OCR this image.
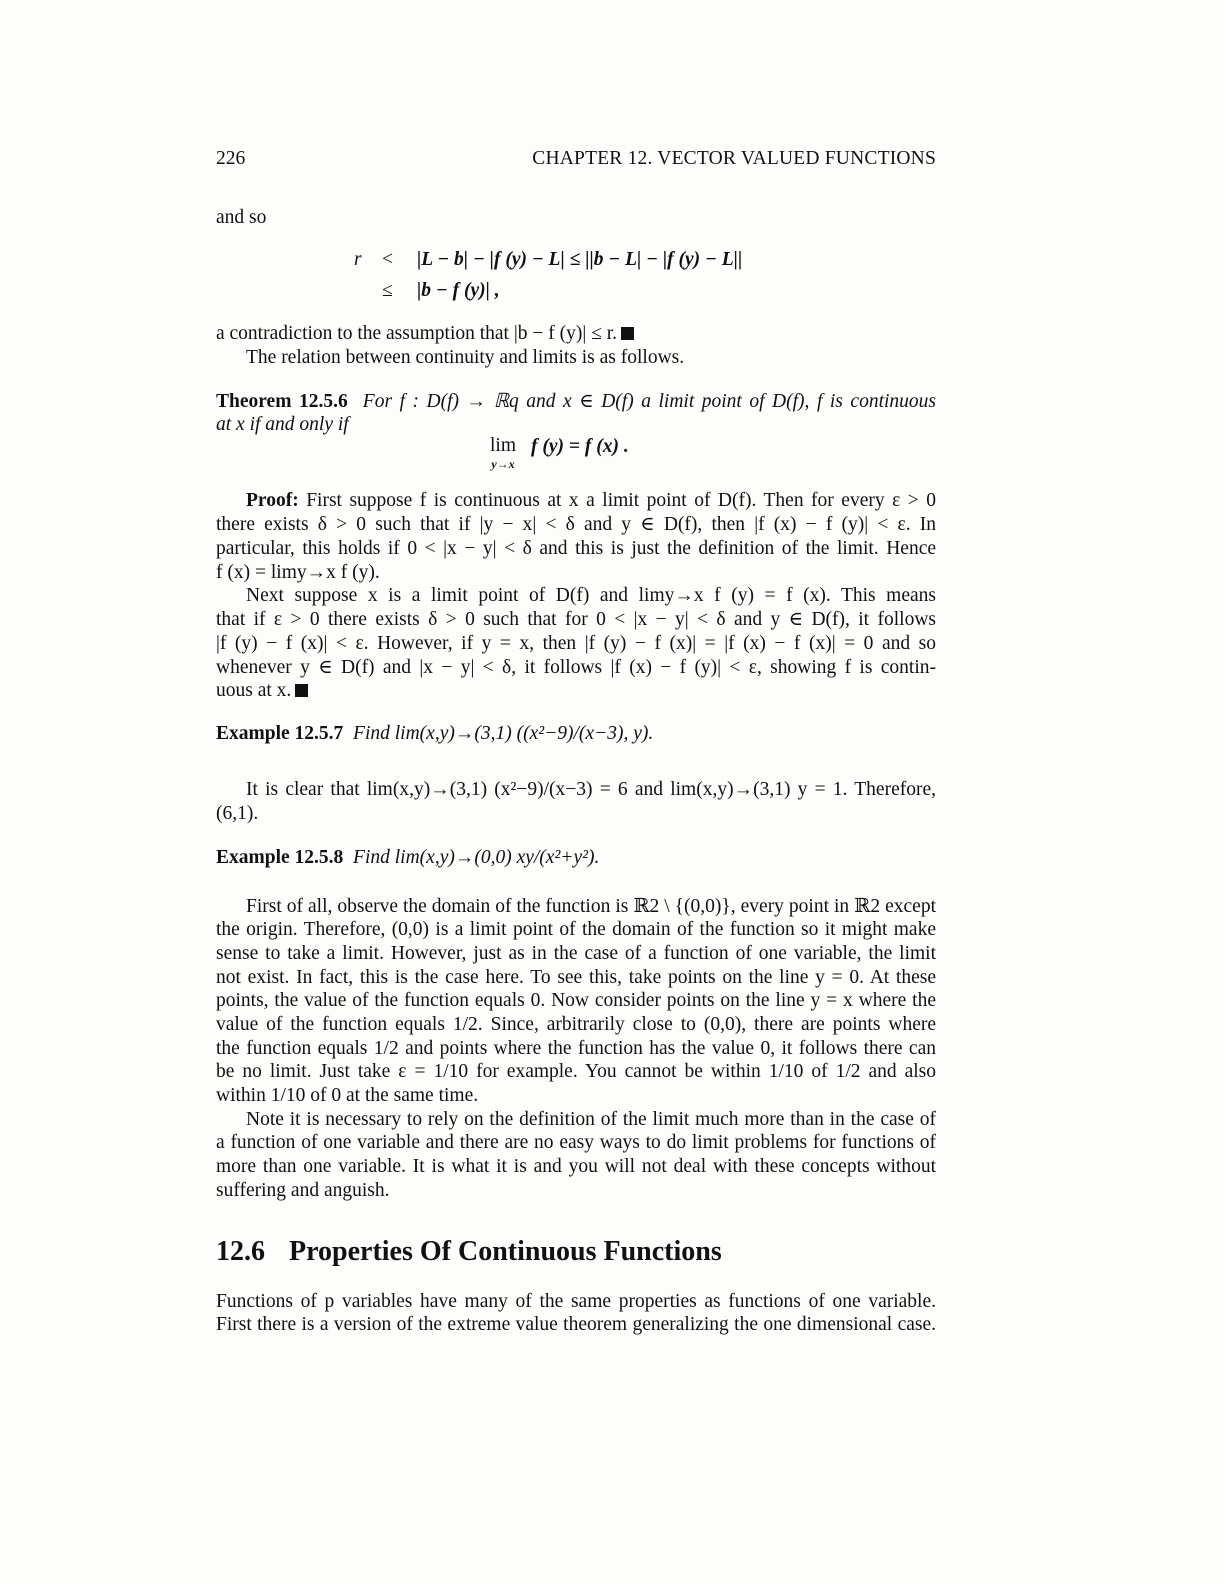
226	CHAPTER 12. VECTOR VALUED FUNCTIONS
and so
r < |L − b| − |f (y) − L| ≤ ||b − L| − |f (y) − L||
≤ |b − f (y)| ,
a contradiction to the assumption that |b − f (y)| ≤ r.
The relation between continuity and limits is as follows.
Theorem 12.5.6 For f : D(f) → ℝq and x ∈ D(f) a limit point of D(f), f is continuous
at x if and only if
lim
y→x
f (y) = f (x) .
Proof: First suppose f is continuous at x a limit point of D(f). Then for every ε > 0
there exists δ > 0 such that if |y − x| < δ and y ∈ D(f), then |f (x) − f (y)| < ε. In
particular, this holds if 0 < |x − y| < δ and this is just the definition of the limit. Hence
f (x) = limy→x f (y).
Next suppose x is a limit point of D(f) and limy→x f (y) = f (x). This means
that if ε > 0 there exists δ > 0 such that for 0 < |x − y| < δ and y ∈ D(f), it follows
|f (y) − f (x)| < ε. However, if y = x, then |f (y) − f (x)| = |f (x) − f (x)| = 0 and so
whenever y ∈ D(f) and |x − y| < δ, it follows |f (x) − f (y)| < ε, showing f is contin-
uous at x.
Example 12.5.7 Find lim(x,y)→(3,1) ((x²−9)/(x−3), y).
It is clear that lim(x,y)→(3,1) (x²−9)/(x−3) = 6 and lim(x,y)→(3,1) y = 1. Therefore,
(6,1).
Example 12.5.8 Find lim(x,y)→(0,0) xy/(x²+y²).
First of all, observe the domain of the function is ℝ2 \ {(0,0)}, every point in ℝ2 except
the origin. Therefore, (0,0) is a limit point of the domain of the function so it might make
sense to take a limit. However, just as in the case of a function of one variable, the limit
not exist. In fact, this is the case here. To see this, take points on the line y = 0. At these
points, the value of the function equals 0. Now consider points on the line y = x where the
value of the function equals 1/2. Since, arbitrarily close to (0,0), there are points where
the function equals 1/2 and points where the function has the value 0, it follows there can
be no limit. Just take ε = 1/10 for example. You cannot be within 1/10 of 1/2 and also
within 1/10 of 0 at the same time.
Note it is necessary to rely on the definition of the limit much more than in the case of
a function of one variable and there are no easy ways to do limit problems for functions of
more than one variable. It is what it is and you will not deal with these concepts without
suffering and anguish.
12.6 Properties Of Continuous Functions
Functions of p variables have many of the same properties as functions of one variable.
First there is a version of the extreme value theorem generalizing the one dimensional case.
